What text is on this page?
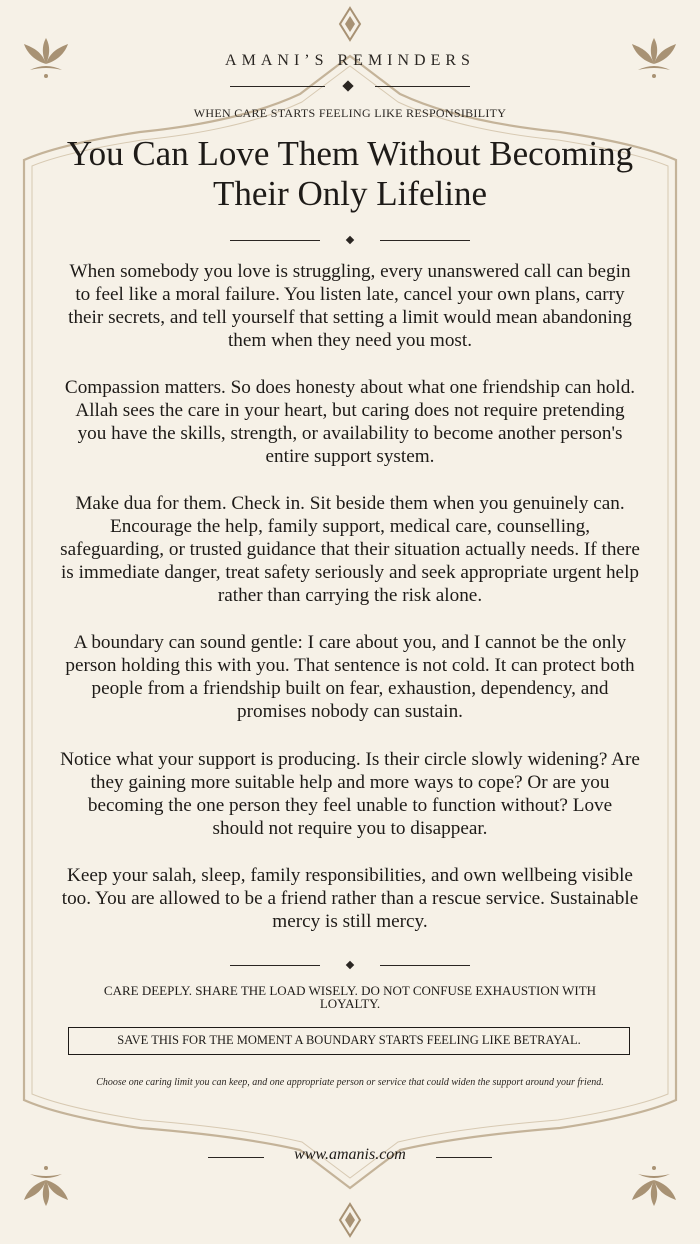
AMANI’S REMINDERS
WHEN CARE STARTS FEELING LIKE RESPONSIBILITY
You Can Love Them Without Becoming
Their Only Lifeline

When somebody you love is struggling, every unanswered call can begin to feel like a moral failure. You listen late, cancel your own plans, carry their secrets, and tell yourself that setting a limit would mean abandoning them when they need you most.

Compassion matters. So does honesty about what one friendship can hold. Allah sees the care in your heart, but caring does not require pretending you have the skills, strength, or availability to become another person's entire support system.

Make dua for them. Check in. Sit beside them when you genuinely can. Encourage the help, family support, medical care, counselling, safeguarding, or trusted guidance that their situation actually needs. If there is immediate danger, treat safety seriously and seek appropriate urgent help rather than carrying the risk alone.

A boundary can sound gentle: I care about you, and I cannot be the only person holding this with you. That sentence is not cold. It can protect both people from a friendship built on fear, exhaustion, dependency, and promises nobody can sustain.

Notice what your support is producing. Is their circle slowly widening? Are they gaining more suitable help and more ways to cope? Or are you becoming the one person they feel unable to function without? Love should not require you to disappear.

Keep your salah, sleep, family responsibilities, and own wellbeing visible too. You are allowed to be a friend rather than a rescue service. Sustainable mercy is still mercy.

CARE DEEPLY. SHARE THE LOAD WISELY. DO NOT CONFUSE EXHAUSTION WITH LOYALTY.
SAVE THIS FOR THE MOMENT A BOUNDARY STARTS FEELING LIKE BETRAYAL.
Choose one caring limit you can keep, and one appropriate person or service that could widen the support around your friend.
www.amanis.com
